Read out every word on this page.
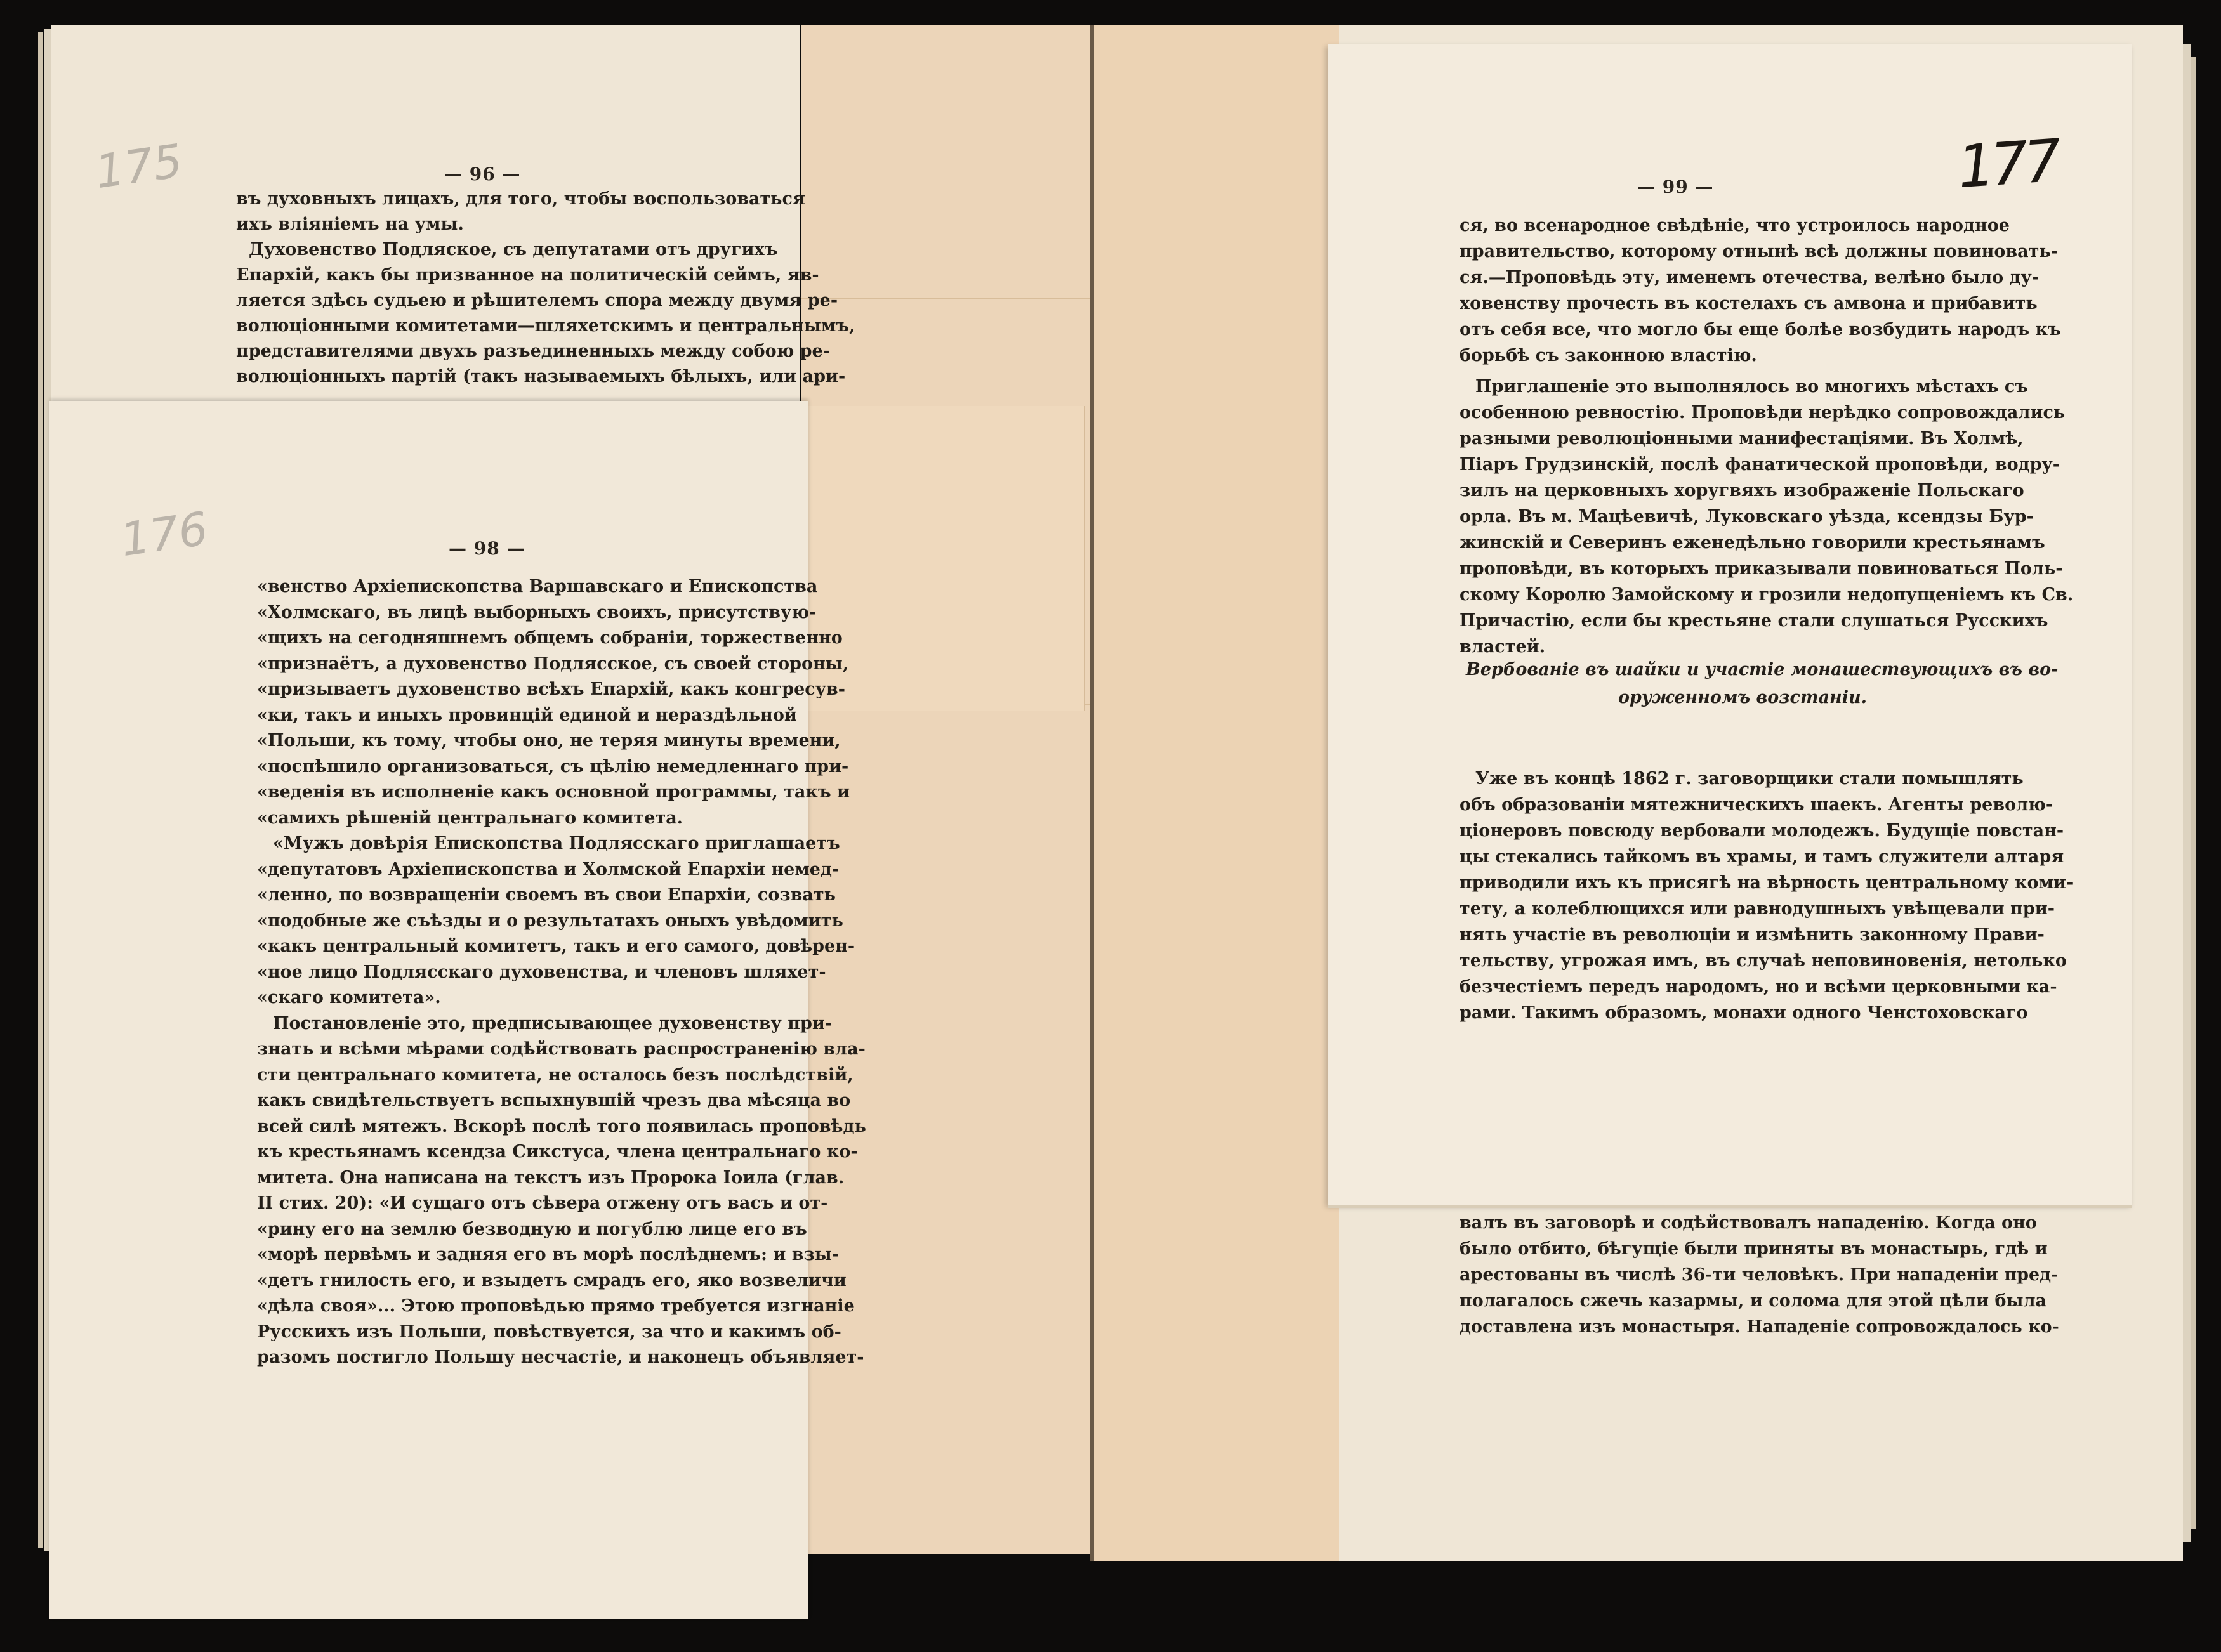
175
176
177
— 96 —
въ духовныхъ лицахъ, для того, чтобы воспользоваться
ихъ вліяніемъ на умы.
Духовенство Подляское, съ депутатами отъ другихъ
Епархій, какъ бы призванное на политическій сеймъ, яв-
ляется здѣсь судьею и рѣшителемъ спора между двумя ре-
волюціонными комитетами—шляхетскимъ и центральнымъ,
представителями двухъ разъединенныхъ между собою ре-
волюціонныхъ партій (такъ называемыхъ бѣлыхъ, или ари-
— 98 —
«венство Архіепископства Варшавскаго и Епископства
«Холмскаго, въ лицѣ выборныхъ своихъ, присутствую-
«щихъ на сегодняшнемъ общемъ собраніи, торжественно
«признаётъ, а духовенство Подлясское, съ своей стороны,
«призываетъ духовенство всѣхъ Епархій, какъ конгресув-
«ки, такъ и иныхъ провинцій единой и нераздѣльной
«Польши, къ тому, чтобы оно, не теряя минуты времени,
«поспѣшило организоваться, съ цѣлію немедленнаго при-
«веденія въ исполненіе какъ основной программы, такъ и
«самихъ рѣшеній центральнаго комитета.
«Мужъ довѣрія Епископства Подлясскаго приглашаетъ
«депутатовъ Архіепископства и Холмской Епархіи немед-
«ленно, по возвращеніи своемъ въ свои Епархіи, созвать
«подобные же съѣзды и о результатахъ оныхъ увѣдомить
«какъ центральный комитетъ, такъ и его самого, довѣрен-
«ное лицо Подлясскаго духовенства, и членовъ шляхет-
«скаго комитета».
Постановленіе это, предписывающее духовенству при-
знать и всѣми мѣрами содѣйствовать распространенію вла-
сти центральнаго комитета, не осталось безъ послѣдствій,
какъ свидѣтельствуетъ вспыхнувшій чрезъ два мѣсяца во
всей силѣ мятежъ. Вскорѣ послѣ того появилась проповѣдь
къ крестьянамъ ксендза Сикстуса, члена центральнаго ко-
митета. Она написана на текстъ изъ Пророка Іоила (глав.
II стих. 20): «И сущаго отъ сѣвера отжену отъ васъ и от-
«рину его на землю безводную и погублю лице его въ
«морѣ первѣмъ и задняя его въ морѣ послѣднемъ: и взы-
«детъ гнилость его, и взыдетъ смрадъ его, яко возвеличи
«дѣла своя»... Этою проповѣдью прямо требуется изгнаніе
Русскихъ изъ Польши, повѣствуется, за что и какимъ об-
разомъ постигло Польшу несчастіе, и наконецъ объявляет-
— 99 —
ся, во всенародное свѣдѣніе, что устроилось народное
правительство, которому отнынѣ всѣ должны повиновать-
ся.—Проповѣдь эту, именемъ отечества, велѣно было ду-
ховенству прочесть въ костелахъ съ амвона и прибавить
отъ себя все, что могло бы еще болѣе возбудить народъ къ
борьбѣ съ законною властію.
Приглашеніе это выполнялось во многихъ мѣстахъ съ
особенною ревностію. Проповѣди нерѣдко сопровождались
разными революціонными манифестаціями. Въ Холмѣ,
Піаръ Грудзинскій, послѣ фанатической проповѣди, водру-
зилъ на церковныхъ хоругвяхъ изображеніе Польскаго
орла. Въ м. Мацѣевичѣ, Луковскаго уѣзда, ксендзы Бур-
жинскій и Северинъ еженедѣльно говорили крестьянамъ
проповѣди, въ которыхъ приказывали повиноваться Поль-
скому Королю Замойскому и грозили недопущеніемъ къ Св.
Причастію, если бы крестьяне стали слушаться Русскихъ
властей.
Уже въ концѣ 1862 г. заговорщики стали помышлять
объ образованіи мятежническихъ шаекъ. Агенты револю-
ціонеровъ повсюду вербовали молодежъ. Будущіе повстан-
цы стекались тайкомъ въ храмы, и тамъ служители алтаря
приводили ихъ къ присягѣ на вѣрность центральному коми-
тету, а колеблющихся или равнодушныхъ увѣщевали при-
нять участіе въ революціи и измѣнить законному Прави-
тельству, угрожая имъ, въ случаѣ неповиновенія, нетолько
безчестіемъ передъ народомъ, но и всѣми церковными ка-
рами. Такимъ образомъ, монахи одного Ченстоховскаго
Вербованіе въ шайки и участіе монашествующихъ въ во-
оруженномъ возстаніи.
валъ въ заговорѣ и содѣйствовалъ нападенію. Когда оно
было отбито, бѣгущіе были приняты въ монастырь, гдѣ и
арестованы въ числѣ 36-ти человѣкъ. При нападеніи пред-
полагалось сжечь казармы, и солома для этой цѣли была
доставлена изъ монастыря. Нападеніе сопровождалось ко-
